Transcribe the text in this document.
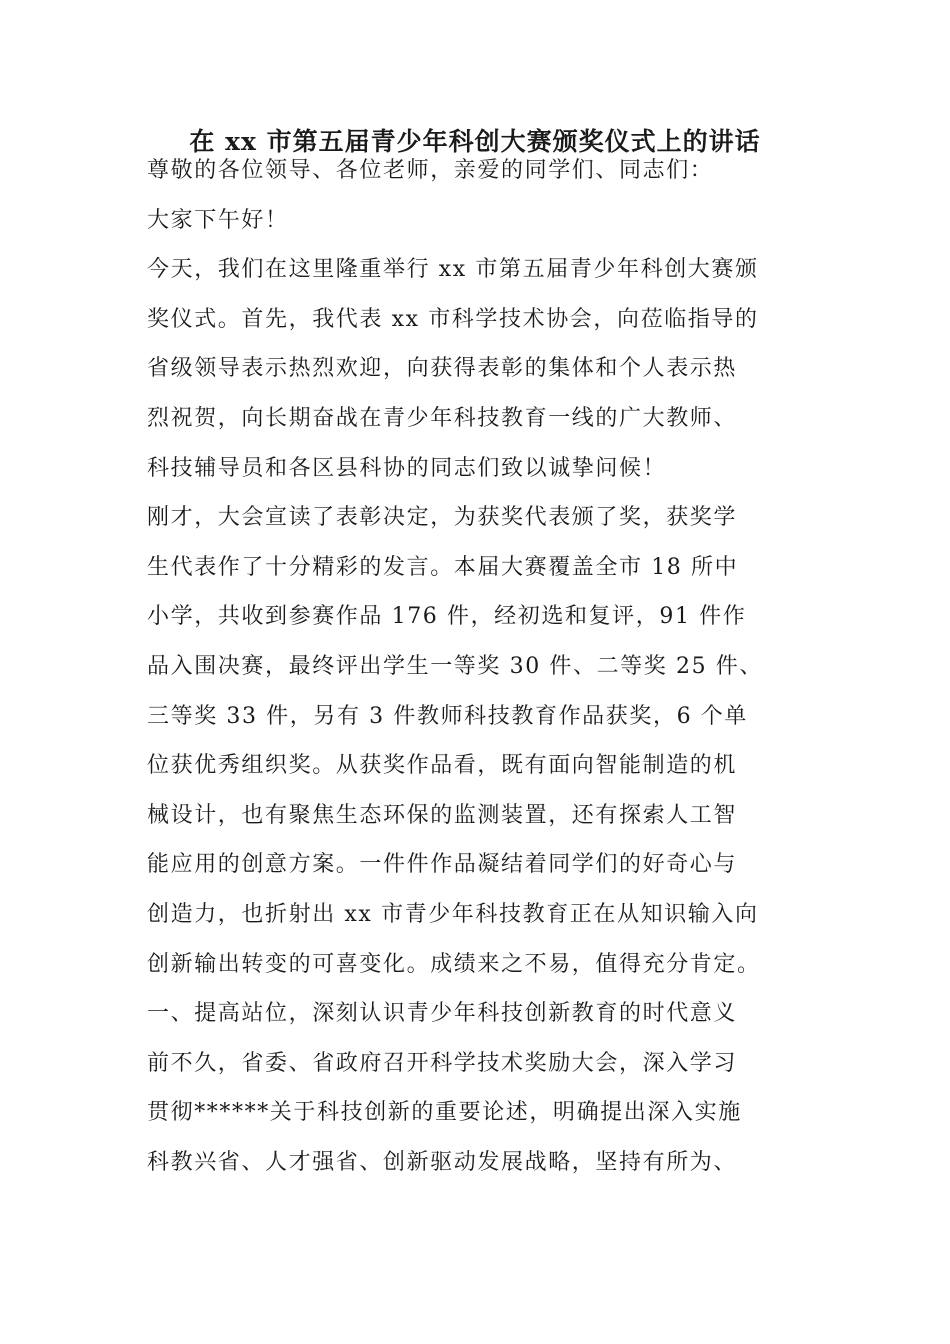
在 xx 市第五届青少年科创大赛颁奖仪式上的讲话
尊敬的各位领导、各位老师，亲爱的同学们、同志们：
大家下午好！
今天，我们在这里隆重举行 xx 市第五届青少年科创大赛颁
奖仪式。首先，我代表 xx 市科学技术协会，向莅临指导的
省级领导表示热烈欢迎，向获得表彰的集体和个人表示热
烈祝贺，向长期奋战在青少年科技教育一线的广大教师、
科技辅导员和各区县科协的同志们致以诚挚问候！
刚才，大会宣读了表彰决定，为获奖代表颁了奖，获奖学
生代表作了十分精彩的发言。本届大赛覆盖全市 18 所中
小学，共收到参赛作品 176 件，经初选和复评，91 件作
品入围决赛，最终评出学生一等奖 30 件、二等奖 25 件、
三等奖 33 件，另有 3 件教师科技教育作品获奖，6 个单
位获优秀组织奖。从获奖作品看，既有面向智能制造的机
械设计，也有聚焦生态环保的监测装置，还有探索人工智
能应用的创意方案。一件件作品凝结着同学们的好奇心与
创造力，也折射出 xx 市青少年科技教育正在从知识输入向
创新输出转变的可喜变化。成绩来之不易，值得充分肯定。
一、提高站位，深刻认识青少年科技创新教育的时代意义
前不久，省委、省政府召开科学技术奖励大会，深入学习
贯彻******关于科技创新的重要论述，明确提出深入实施
科教兴省、人才强省、创新驱动发展战略，坚持有所为、
